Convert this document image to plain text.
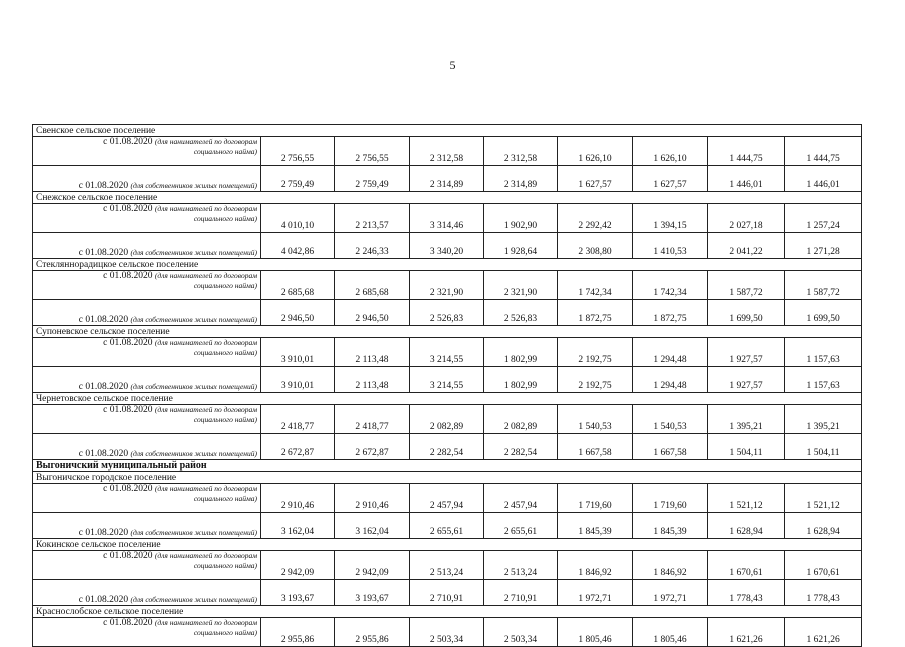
5
Свенское сельское поселение								

с 01.08.2020 (для нанимателей по договорам
социального найма)	2 756,55	2 756,55	2 312,58	2 312,58	1 626,10	1 626,10	1 444,75	1 444,75
с 01.08.2020 (для собственников жилых помещений)	2 759,49	2 759,49	2 314,89	2 314,89	1 627,57	1 627,57	1 446,01	1 446,01
Снежское сельское поселение								

с 01.08.2020 (для нанимателей по договорам
социального найма)	4 010,10	2 213,57	3 314,46	1 902,90	2 292,42	1 394,15	2 027,18	1 257,24
с 01.08.2020 (для собственников жилых помещений)	4 042,86	2 246,33	3 340,20	1 928,64	2 308,80	1 410,53	2 041,22	1 271,28
Стекляннорадицкое сельское поселение								

с 01.08.2020 (для нанимателей по договорам
социального найма)	2 685,68	2 685,68	2 321,90	2 321,90	1 742,34	1 742,34	1 587,72	1 587,72
с 01.08.2020 (для собственников жилых помещений)	2 946,50	2 946,50	2 526,83	2 526,83	1 872,75	1 872,75	1 699,50	1 699,50
Супоневское сельское поселение								

с 01.08.2020 (для нанимателей по договорам
социального найма)	3 910,01	2 113,48	3 214,55	1 802,99	2 192,75	1 294,48	1 927,57	1 157,63
с 01.08.2020 (для собственников жилых помещений)	3 910,01	2 113,48	3 214,55	1 802,99	2 192,75	1 294,48	1 927,57	1 157,63
Чернетовское сельское поселение								

с 01.08.2020 (для нанимателей по договорам
социального найма)	2 418,77	2 418,77	2 082,89	2 082,89	1 540,53	1 540,53	1 395,21	1 395,21
с 01.08.2020 (для собственников жилых помещений)	2 672,87	2 672,87	2 282,54	2 282,54	1 667,58	1 667,58	1 504,11	1 504,11
Выгоничский муниципальный район								
Выгоничское городское поселение								

с 01.08.2020 (для нанимателей по договорам
социального найма)	2 910,46	2 910,46	2 457,94	2 457,94	1 719,60	1 719,60	1 521,12	1 521,12
с 01.08.2020 (для собственников жилых помещений)	3 162,04	3 162,04	2 655,61	2 655,61	1 845,39	1 845,39	1 628,94	1 628,94
Кокинское сельское поселение								

с 01.08.2020 (для нанимателей по договорам
социального найма)	2 942,09	2 942,09	2 513,24	2 513,24	1 846,92	1 846,92	1 670,61	1 670,61
с 01.08.2020 (для собственников жилых помещений)	3 193,67	3 193,67	2 710,91	2 710,91	1 972,71	1 972,71	1 778,43	1 778,43
Краснослобское сельское поселение								

с 01.08.2020 (для нанимателей по договорам
социального найма)	2 955,86	2 955,86	2 503,34	2 503,34	1 805,46	1 805,46	1 621,26	1 621,26
